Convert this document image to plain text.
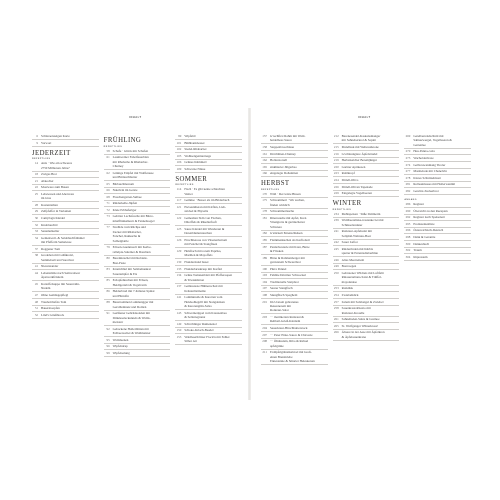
INHALT
6 Schlaraenzeigen Karte
9 Vorwort
JEDERZEIT
REZEPTLIES
14 Anis · Wie ein schweres
2750 Millionen Jahre?
18 Zwiges Brot
21 Abkocher
22 Mostware zum Busen
25 Lebewesen und Aberware
im Glas
28 Kastenrathen
29 Zelfpfeffer in Varianten
30 Camp'lagn Knödel
32 Knoblauchöl
33 Senemelkeller
34 Gemenweil- & Salobhachfdänmel
mit Pfefferm Semelesse
37 Roggener Tom
38 Grodeben mit Gräßkreisl,
Semmelsalt und Sarerbrot
41 Nierenzander
44 Lebensmitte nach Semwanwer
Äpstwerkfräulein
45 Kartoffelsuppe mit Sauerrahn-
Nudeln
47 Ohne Gemüsgepflegl
48 Traubelchefsis Tom
51 Bauerntoepfen
52 Lind's Grießbrock
FRÜHLING
REZEPTLIES
58 Schafe · Glück mir Schafen
61 Laumweiner Fabelfeuerblan
mit Rhabarbe & Rhabarber-
Chutney
62 Grünige Eidpfel mit Wolfkrause
und Bärlauchbutter
65 Bärlauchmonom
66 Nakrbrin im Gerste
68 Flaschengarten-Sulbee
71 Rinderkelle-Jüpfen
72 Kleie Erbhaferlger
73 Gebitter Lachsforelle mit Bärre-
nmelflönkelkorn & Fenneltoegel
77 Strehlde vom Rüchpe und
Zucker mit Rhabarber,
Fenchel, Rakkuche &
Salbeiglattle
79 Erbsen-Guennreoli mit Kerbe-
rellelpie-Suleiner & Darebien
80 Baremkrachel mit Robiant-
Bon-Paste
83 Kranichbul mit Salzbehankrat
Sauerampfer & Eis
85 Erdapfelkuchen mit Erbsen,
Heidlgeriebt & Vogelvarm
86 Helderbrud mit 7-Kräuter-Spinat
und Hirnsfin
88 Baustrommen Lammengger mit
Gerstlleinnetz und Dolden
91 Gerißener Gebrüdeonden mit
Dinkleseleckunnels & Walds-
meisterr
92 Gebackene Hollerblüten mit
Erdbeersorbet & Waldmeister
95 Walddeenen
96 Wipfelsirup
99 Wipfelselung
99 Wipfelöl
101 Blühbankbesser
102 Siedel-Rhabarber
105 Wohlsengenniernage
106 Grünes Kümmerl
109 Schwarze Nüsse
SOMMER
REZEPTLIES
114 Fisch · Es gibt keine schlechten
Wetter
117 Gemüse · Besser als im Bilderbuch
121 Pieveunhteren mit Kirflen, Lieb-
stöckel & Physalis
122 Gemeshen Sidn von Fischen,
Dilotffels & Rüsebutfsaft
125 Saure Knödel mit Wurzkraut &
Dotenblumenrauchen
126 Pirschlieroue von Vitsenarbeitom
mit Fenchel & Stangfleen
129 Helsfiach mit rotem Paprika,
Marillen & Mayoffels
130 Flundersland buser
133 Flunderlartekrusp mit Karfiol
134 Grüne Tomatenblatt mit Pfefferaopen
& Trietaktinton
137 Gemissteste Hühnerschatt mit
Kräuterlistinalde
141 Lammknolle & Karotten vom
Holzkohlegrill mit Stangdoiken
& Karotengrün-Salsa
145 Schweinerippel vom Kreuzenbea
& Selleriegranat
149 Schöchlinger Rumenenol
150 Schoko-Kriach-Beadel
153 Waldbeeriblitzer Flock'n mit Fehler
Silber Art
INHALT
157 G'rechfirst Rahm mit Wald-
heidelbeer-Sauce
158 Steppenbroschlaue
161 Dörrblüten-Chutney
162 Hollerstorudl
165 sinkhierter Jülgerbeo
166 eingelegte Dohanttien
HERBST
REZEPTLIES
170 Wild · Der letzte Bissen
175 Schwammerl · Wir suchen,
finden wirklich
178 Schwammerlsuche
181 Rinersaudre mit Apfel, Kren
Vinaigrette & gerätucherter
Schwiere
182 G'stückelt Entenschkäsen
185 Flammenkuchen als Karfiolteil
187 Pendelvesterie mit Kren, Birne
& Flösken
189 Birne & Rabmenberger mit
geröstetem Schwarzbrot
190 Pürra Pennel
193 Fahöhe Dörrmer Schwockel
194 Traditionelle Steipbrot
197 Saurer Stangfisch
198 Siungflisch Spaghetti
201 Im Uratom gebratenes
Reuzenerem mit
Rotkraut-Salat
203 ··· marinierten Rotkraut &
Rehbeil-Grieß-Knödeln
204 Sauerkraut-Hirschbutterstock
207 ··· Peter Pirko-Sauce & Chicorée
208 ··· Ölnüsslein, Ribo & Rabsel
apfelgrüne
211 Erdäpfelgrünsüsslavel mit Groß-
einen Brenztriebe
Ennestenne & Smarter Heleskonen
212 Barenesendel-Kaskansmanger
mit Sahneberkrol & Sapint
215 Mandlsuk mit Weltzautkrone
216 G'schleungiere Äpfelstrudel
219 Herbstkelcher Beremjünger
220 Gartner Aprikosen
223 Rohlkropf
224 Dirndl-Olivo
226 Dirndl-Oliven Tapenade
229 Eingelegte Vogelbeeren
WINTER
REZEPTLIES
234 Mehlspeisen · Süße Zimmerin
239 Waldbeeraliska-trastenke bei mir
Schüsselsrunner
241 Rotkraut-Apfelsalat mit
Seltphél-Walnuss-Boot
242 Sauer Luftor
245 Rinderrinden mit Kürbis
sputter & Entenradieberlmie
246 Altes Meerrettem
249 Bonvoegen
250 Gebratener Wildreis mit Luftfelit
Rinasersultana-Salat & Trüffel-
mayonnaise
253 Rotkläsk
254 Zwiebelklick
257 Zelem mit Salzbeigel & Zwiebel
258 Sauerkraut-Risotto mit
Rotkraut-Kroudle
261 Sahnehaden-Sulze & Gremoe
265 St. Wolfganger Wilnerkross!
266 Äbsere in der Asse mit Äpfelkron
& Äpfelsauerkrane
269 Gatelberrendschnitt mit
Sahnezwergel, Vogelbeeren &
Gartenlee
270 Heu-Panna-cotta
273 Wacholderbrote
274 Gelbsrowanmang Tiroler
277 Marmelade mit Chanelvin
278 Klares Schnitzelmont
281 Rolleanmoues mit Hollerwanmil
282 Gewürz-Zuckerbrot
ANHANG
286 Register
290 Übersicht zu den Rezepten
292 Register nach Speisenart
295 Produzentenliste
296 Österreichisch-Deutsch
298 Dank & Garantie
300 Dankesbuch
302 Traum
304 Impressum
